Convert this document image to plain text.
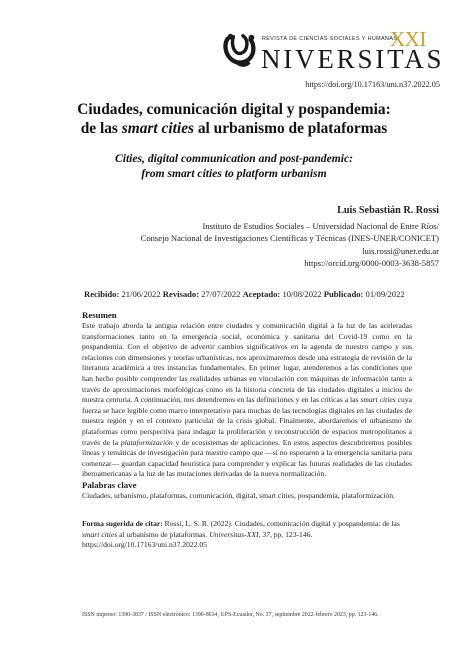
REVISTA DE CIENCIAS SOCIALES Y HUMANAS
XXI
NIVERSITAS
https://doi.org/10.17163/uni.n37.2022.05
Ciudades, comunicación digital y pospandemia:
de las smart cities al urbanismo de plataformas
Cities, digital communication and post-pandemic:
from smart cities to platform urbanism
Luis Sebastián R. Rossi
Instituto de Estudios Sociales – Universidad Nacional de Entre Ríos/
Consejo Nacional de Investigaciones Científicas y Técnicas (INES-UNER/CONICET)
luis.rossi@uner.edu.ar
https://orcid.org/0000-0003-3638-5857
Recibido: 21/06/2022 Revisado: 27/07/2022 Aceptado: 10/08/2022 Publicado: 01/09/2022
Resumen

Este trabajo aborda la antigua relación entre ciudades y comunicación digital a la luz de las aceleradas transformaciones tanto en la emergencia social, económica y sanitaria del Covid-19 como en la pospandemia. Con el objetivo de advertir cambios significativos en la agenda de nuestro campo y sus relaciones con dimensiones y teorías urbanísticas, nos aproximaremos desde una estrategia de revisión de la literatura académica a tres instancias fundamentales. En primer lugar, atenderemos a las condiciones que han hecho posible comprender las realidades urbanas en vinculación con máquinas de información tanto a través de aproximaciones morfológicas como en la historia concreta de las ciudades digitales a inicios de nuestra centuria. A continuación, nos detendremos en las definiciones y en las críticas a las smart cities cuya fuerza se hace legible como marco interpretativo para muchas de las tecnologías digitales en las ciudades de nuestra región y en el contexto particular de la crisis global. Finalmente, abordaremos el urbanismo de plataformas como perspectiva para indagar la proliferación y reconstrucción de espacios metropolitanos a través de la plataformización y de ecosistemas de aplicaciones. En estos aspectos descubriremos posibles líneas y temáticas de investigación para nuestro campo que —si no esperaron a la emergencia sanitaria para comenzar— guardan capacidad heurística para comprender y explicar las futuras realidades de las ciudades iberoamericanas a la luz de las mutaciones derivadas de la nueva normalización.

Palabras clave
Ciudades, urbanismo, plataformas, comunicación, digital, smart cities, pospandemia, plataformización.
Forma sugerida de citar: Rossi, L. S. R. (2022). Ciudades, comunicación digital y pospandemia: de las smart cities al urbanismo de plataformas. Universitas-XXI, 37, pp. 123-146. https://doi.org/10.17163/uni.n37.2022.05
ISSN impreso: 1390-3837 / ISSN electrónico: 1390-8634, UPS-Ecuador, No. 37, septiembre 2022-febrero 2023, pp. 123-146.
